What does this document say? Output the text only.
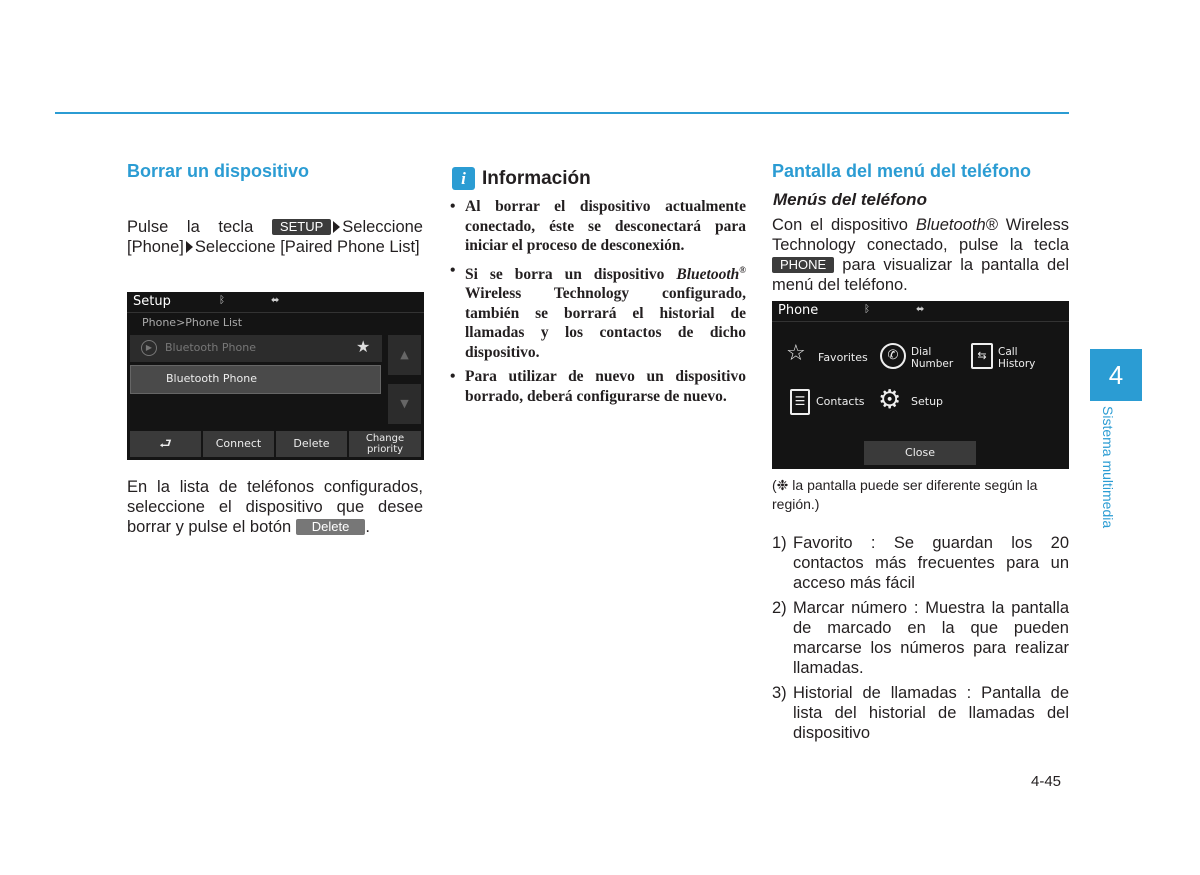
Borrar un dispositivo
Pulse la tecla SETUP Seleccione [Phone] Seleccione [Paired Phone List]
Setup	ᛒ	⬌
Phone>Phone List
▶	Bluetooth Phone	★
Bluetooth Phone
▲
▼
⮐	Connect	Delete	Change priority
En la lista de teléfonos configurados, seleccione el dispositivo que desee borrar y pulse el botón Delete .
i Información
• Al borrar el dispositivo actualmente conectado, éste se desconectará para iniciar el proceso de desconexión.
• Si se borra un dispositivo Bluetooth® Wireless Technology configurado, también se borrará el historial de llamadas y los contactos de dicho dispositivo.
• Para utilizar de nuevo un dispositivo borrado, deberá configurarse de nuevo.
Pantalla del menú del teléfono
Menús del teléfono
Con el dispositivo Bluetooth® Wireless Technology conectado, pulse la tecla PHONE para visualizar la pantalla del menú del teléfono.
Phone	ᛒ	⬌
☆ Favorites	✆	Dial
Number
⇆	Call
History
☰ Contacts ⚙ Setup
Close
(❉ la pantalla puede ser diferente según la región.)
1) Favorito : Se guardan los 20 contactos más frecuentes para un acceso más fácil
2) Marcar número : Muestra la pantalla de marcado en la que pueden marcarse los números para realizar llamadas.
3) Historial de llamadas : Pantalla de lista del historial de llamadas del dispositivo
4
Sistema multimedia
4-45
